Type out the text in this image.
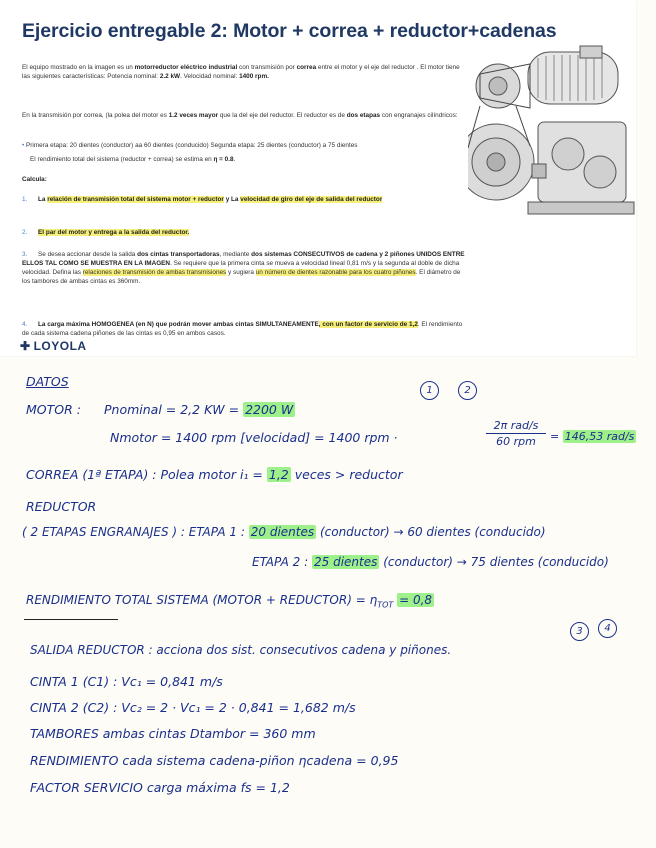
Ejercicio entregable 2: Motor + correa + reductor+cadenas
El equipo mostrado en la imagen es un motorreductor eléctrico industrial con transmisión por correa entre el motor y el eje del reductor . El motor tiene las siguientes características: Potencia nominal: 2.2 kW. Velocidad nominal: 1400 rpm.
En la transmisión por correa, (la polea del motor es 1.2 veces mayor que la del eje del reductor. El reductor es de dos etapas con engranajes cilíndricos:
• Primera etapa: 20 dientes (conductor) aa 60 dientes (conducido) Segunda etapa: 25 dientes (conductor) a 75 dientes
El rendimiento total del sistema (reductor + correa) se estima en η = 0.8.
Calcula:
1. La relación de transmisión total del sistema motor + reductor y La velocidad de giro del eje de salida del reductor
2. El par del motor y entrega a la salida del reductor.
3. Se desea accionar desde la salida dos cintas transportadoras, mediante dos sistemas CONSECUTIVOS de cadena y 2 piñones UNIDOS ENTRE ELLOS TAL COMO SE MUESTRA EN LA IMAGEN. Se requiere que la primera cinta se mueva a velocidad lineal 0,81 m/s y la segunda al doble de dicha velocidad. Defina las relaciones de transmisión de ambas transmisiones y sugiera un número de dientes razonable para los cuatro piñones. El diámetro de los tambores de ambas cintas es 360mm.
4. La carga máxima HOMOGENEA (en N) que podrán mover ambas cintas SIMULTANEAMENTE, con un factor de servicio de 1,2. El rendimiento de cada sistema cadena piñones de las cintas es 0,95 en ambos casos.
✚ LOYOLA
DATOS
1	2
MOTOR : Pnominal = 2,2 KW = 2200 W
Nmotor = 1400 rpm [velocidad] = 1400 rpm ·
2π rad/s
60 rpm	= 146,53 rad/s
CORREA (1ª ETAPA) : Polea motor i₁ = 1,2 veces > reductor
REDUCTOR
( 2 ETAPAS ENGRANAJES ) : ETAPA 1 : 20 dientes (conductor) → 60 dientes (conducido)
ETAPA 2 : 25 dientes (conductor) → 75 dientes (conducido)
RENDIMIENTO TOTAL SISTEMA (MOTOR + REDUCTOR) = $\eta_{TOT} = 0,8$
3	4
SALIDA REDUCTOR : acciona dos sist. consecutivos cadena y piñones.
CINTA 1 (C1) : Vc₁ = 0,841 m/s
CINTA 2 (C2) : Vc₂ = 2 · Vc₁ = 2 · 0,841 = 1,682 m/s
TAMBORES ambas cintas Dtambor = 360 mm
RENDIMIENTO cada sistema cadena-piñon ηcadena = 0,95
FACTOR SERVICIO carga máxima fs = 1,2
